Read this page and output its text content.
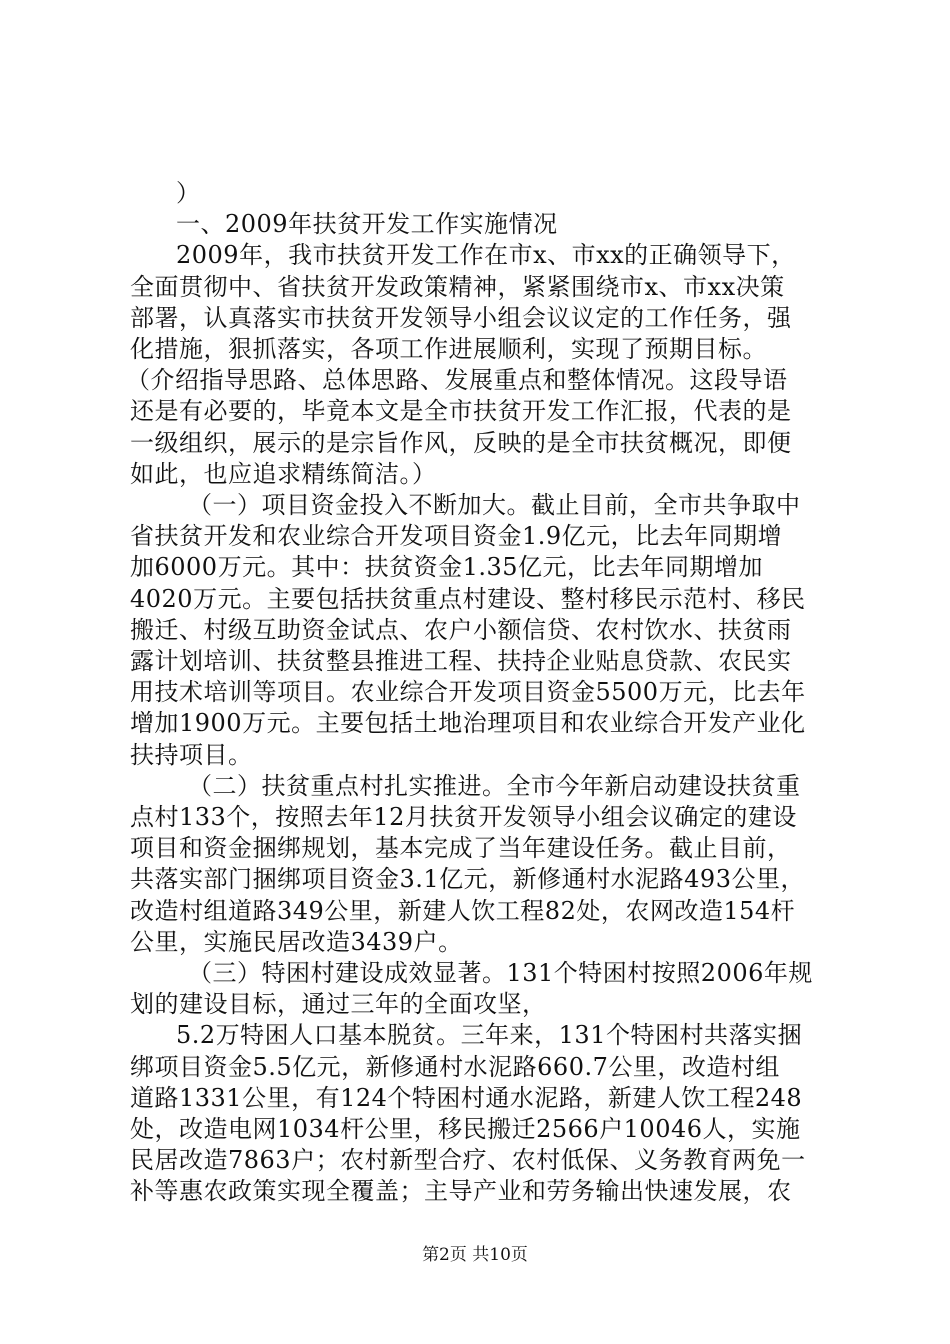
）
一、2009年扶贫开发工作实施情况
2009年，我市扶贫开发工作在市x、市xx的正确领导下，
全面贯彻中、省扶贫开发政策精神，紧紧围绕市x、市xx决策
部署，认真落实市扶贫开发领导小组会议议定的工作任务，强
化措施，狠抓落实，各项工作进展顺利，实现了预期目标。
（介绍指导思路、总体思路、发展重点和整体情况。这段导语
还是有必要的，毕竟本文是全市扶贫开发工作汇报，代表的是
一级组织，展示的是宗旨作风，反映的是全市扶贫概况，即便
如此，也应追求精练简洁。）
（一）项目资金投入不断加大。截止目前，全市共争取中
省扶贫开发和农业综合开发项目资金1.9亿元，比去年同期增
加6000万元。其中：扶贫资金1.35亿元，比去年同期增加
4020万元。主要包括扶贫重点村建设、整村移民示范村、移民
搬迁、村级互助资金试点、农户小额信贷、农村饮水、扶贫雨
露计划培训、扶贫整县推进工程、扶持企业贴息贷款、农民实
用技术培训等项目。农业综合开发项目资金5500万元，比去年
增加1900万元。主要包括土地治理项目和农业综合开发产业化
扶持项目。
（二）扶贫重点村扎实推进。全市今年新启动建设扶贫重
点村133个，按照去年12月扶贫开发领导小组会议确定的建设
项目和资金捆绑规划，基本完成了当年建设任务。截止目前，
共落实部门捆绑项目资金3.1亿元，新修通村水泥路493公里，
改造村组道路349公里，新建人饮工程82处，农网改造154杆
公里，实施民居改造3439户。
（三）特困村建设成效显著。131个特困村按照2006年规
划的建设目标，通过三年的全面攻坚，
5.2万特困人口基本脱贫。三年来，131个特困村共落实捆
绑项目资金5.5亿元，新修通村水泥路660.7公里，改造村组
道路1331公里，有124个特困村通水泥路，新建人饮工程248
处，改造电网1034杆公里，移民搬迁2566户10046人，实施
民居改造7863户；农村新型合疗、农村低保、义务教育两免一
补等惠农政策实现全覆盖；主导产业和劳务输出快速发展，农
第2页 共10页
